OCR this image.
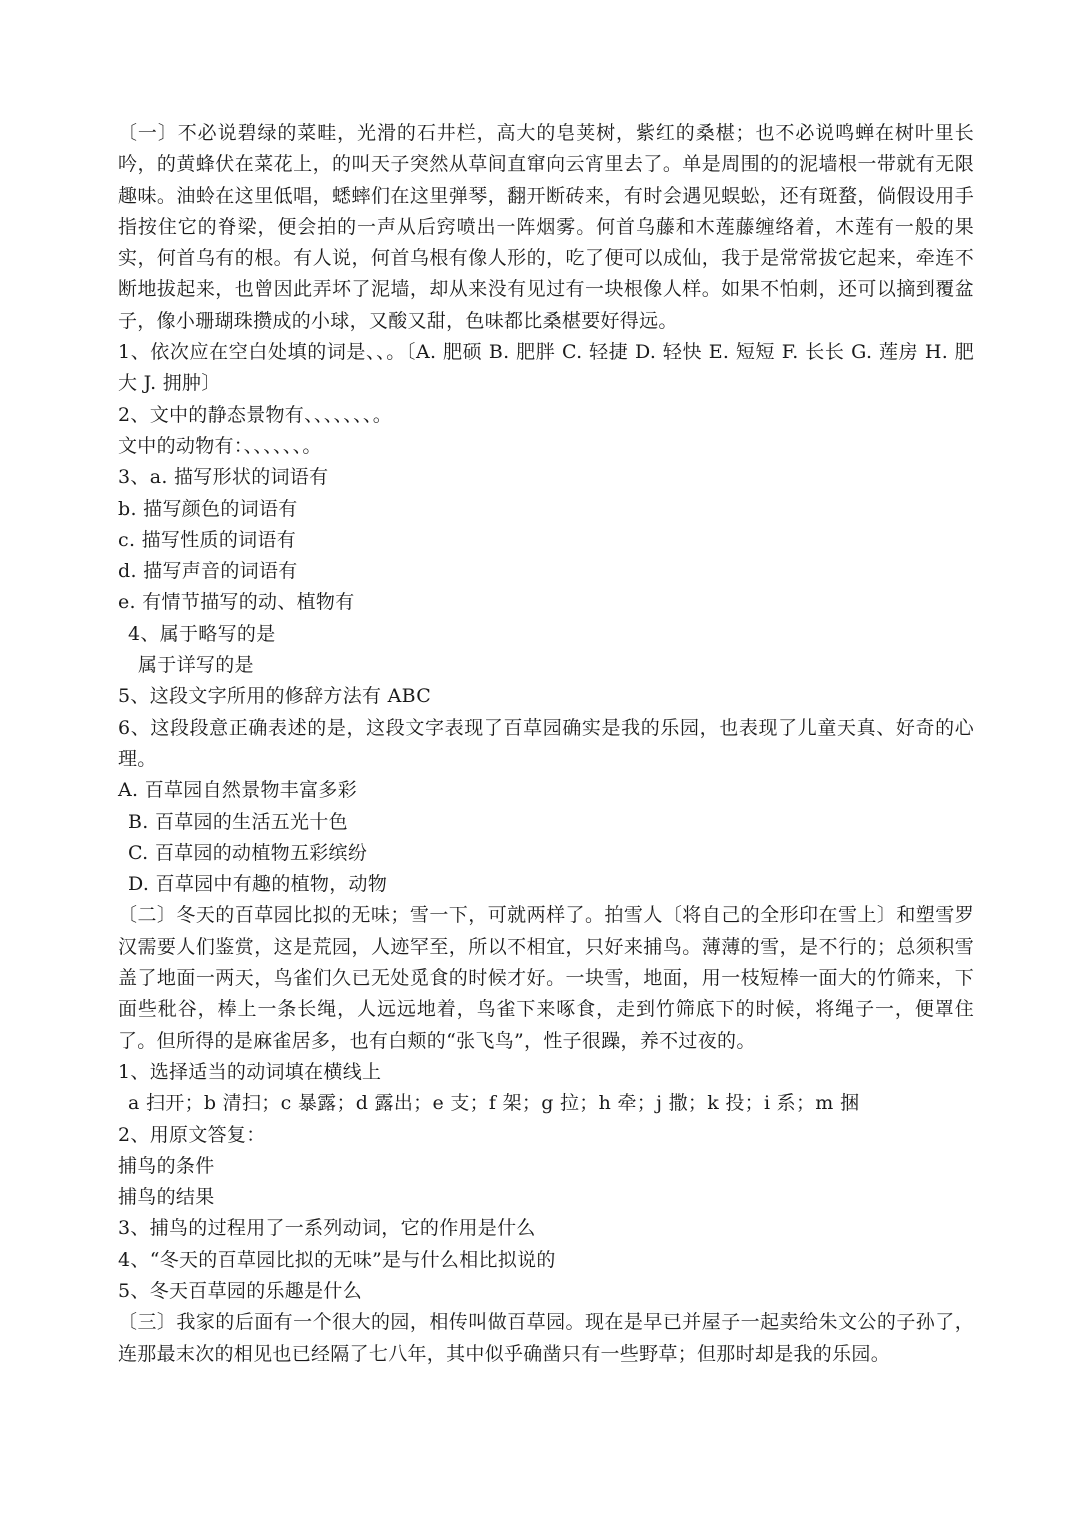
〔一〕不必说碧绿的菜畦，光滑的石井栏，高大的皂荚树，紫红的桑椹；也不必说鸣蝉在树叶里长吟，的黄蜂伏在菜花上，的叫天子突然从草间直窜向云宵里去了。单是周围的的泥墙根一带就有无限趣味。油蛉在这里低唱，蟋蟀们在这里弹琴，翻开断砖来，有时会遇见蜈蚣，还有斑蝥，倘假设用手指按住它的脊梁，便会拍的一声从后窍喷出一阵烟雾。何首乌藤和木莲藤缠络着，木莲有一般的果实，何首乌有的根。有人说，何首乌根有像人形的，吃了便可以成仙，我于是常常拔它起来，牵连不断地拔起来，也曾因此弄坏了泥墙，却从来没有见过有一块根像人样。如果不怕刺，还可以摘到覆盆子，像小珊瑚珠攒成的小球，又酸又甜，色味都比桑椹要好得远。

1、依次应在空白处填的词是、、。〔A. 肥硕 B. 肥胖 C. 轻捷 D. 轻快 E. 短短 F. 长长 G. 莲房 H. 肥大 J. 拥肿〕

2、文中的静态景物有、、、、、、、。

文中的动物有：、、、、、、。

3、a. 描写形状的词语有

b. 描写颜色的词语有

c. 描写性质的词语有

d. 描写声音的词语有

e. 有情节描写的动、植物有

4、属于略写的是

属于详写的是

5、这段文字所用的修辞方法有 ABC

6、这段段意正确表述的是，这段文字表现了百草园确实是我的乐园，也表现了儿童天真、好奇的心理。

A. 百草园自然景物丰富多彩

B. 百草园的生活五光十色

C. 百草园的动植物五彩缤纷

D. 百草园中有趣的植物，动物

〔二〕冬天的百草园比拟的无味；雪一下，可就两样了。拍雪人〔将自己的全形印在雪上〕和塑雪罗汉需要人们鉴赏，这是荒园，人迹罕至，所以不相宜，只好来捕鸟。薄薄的雪，是不行的；总须积雪盖了地面一两天，鸟雀们久已无处觅食的时候才好。一块雪，地面，用一枝短棒一面大的竹筛来，下面些秕谷，棒上一条长绳，人远远地着，鸟雀下来啄食，走到竹筛底下的时候，将绳子一，便罩住了。但所得的是麻雀居多，也有白颊的“张飞鸟”，性子很躁，养不过夜的。

1、选择适当的动词填在横线上

a 扫开；b 清扫；c 暴露；d 露出；e 支；f 架；g 拉；h 牵；j 撒；k 投；i 系；m 捆

2、用原文答复：

捕鸟的条件

捕鸟的结果

3、捕鸟的过程用了一系列动词，它的作用是什么

4、“冬天的百草园比拟的无味”是与什么相比拟说的

5、冬天百草园的乐趣是什么

〔三〕我家的后面有一个很大的园，相传叫做百草园。现在是早已并屋子一起卖给朱文公的子孙了，连那最末次的相见也已经隔了七八年，其中似乎确凿只有一些野草；但那时却是我的乐园。
